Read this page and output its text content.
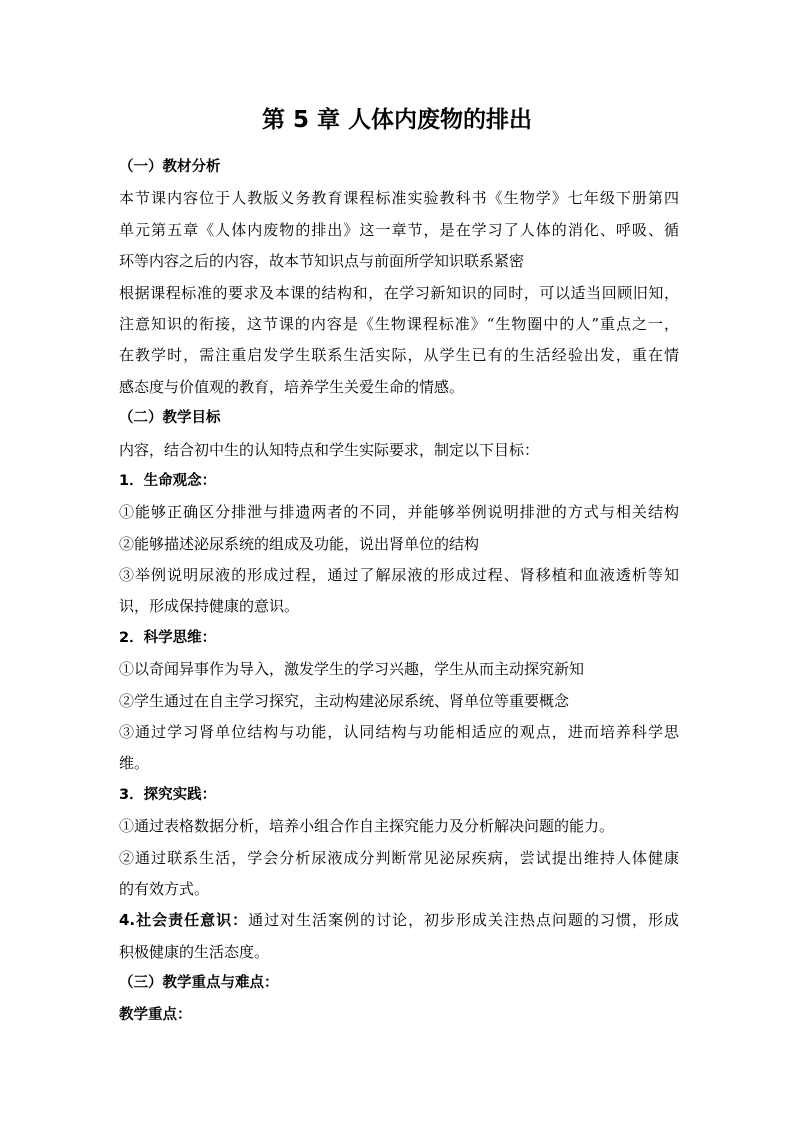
第 5 章 人体内废物的排出
（一）教材分析
本节课内容位于人教版义务教育课程标准实验教科书《生物学》七年级下册第四
单元第五章《人体内废物的排出》这一章节，是在学习了人体的消化、呼吸、循
环等内容之后的内容，故本节知识点与前面所学知识联系紧密
根据课程标准的要求及本课的结构和，在学习新知识的同时，可以适当回顾旧知，
注意知识的衔接，这节课的内容是《生物课程标准》“生物圈中的人”重点之一，
在教学时，需注重启发学生联系生活实际，从学生已有的生活经验出发，重在情
感态度与价值观的教育，培养学生关爱生命的情感。
（二）教学目标
内容，结合初中生的认知特点和学生实际要求，制定以下目标：
1．生命观念：
①能够正确区分排泄与排遗两者的不同，并能够举例说明排泄的方式与相关结构
②能够描述泌尿系统的组成及功能，说出肾单位的结构
③举例说明尿液的形成过程，通过了解尿液的形成过程、肾移植和血液透析等知
识，形成保持健康的意识。
2．科学思维：
①以奇闻异事作为导入，激发学生的学习兴趣，学生从而主动探究新知
②学生通过在自主学习探究，主动构建泌尿系统、肾单位等重要概念
③通过学习肾单位结构与功能，认同结构与功能相适应的观点，进而培养科学思
维。
3．探究实践：
①通过表格数据分析，培养小组合作自主探究能力及分析解决问题的能力。
②通过联系生活，学会分析尿液成分判断常见泌尿疾病，尝试提出维持人体健康
的有效方式。
4.社会责任意识：通过对生活案例的讨论，初步形成关注热点问题的习惯，形成
积极健康的生活态度。
（三）教学重点与难点：
教学重点：
